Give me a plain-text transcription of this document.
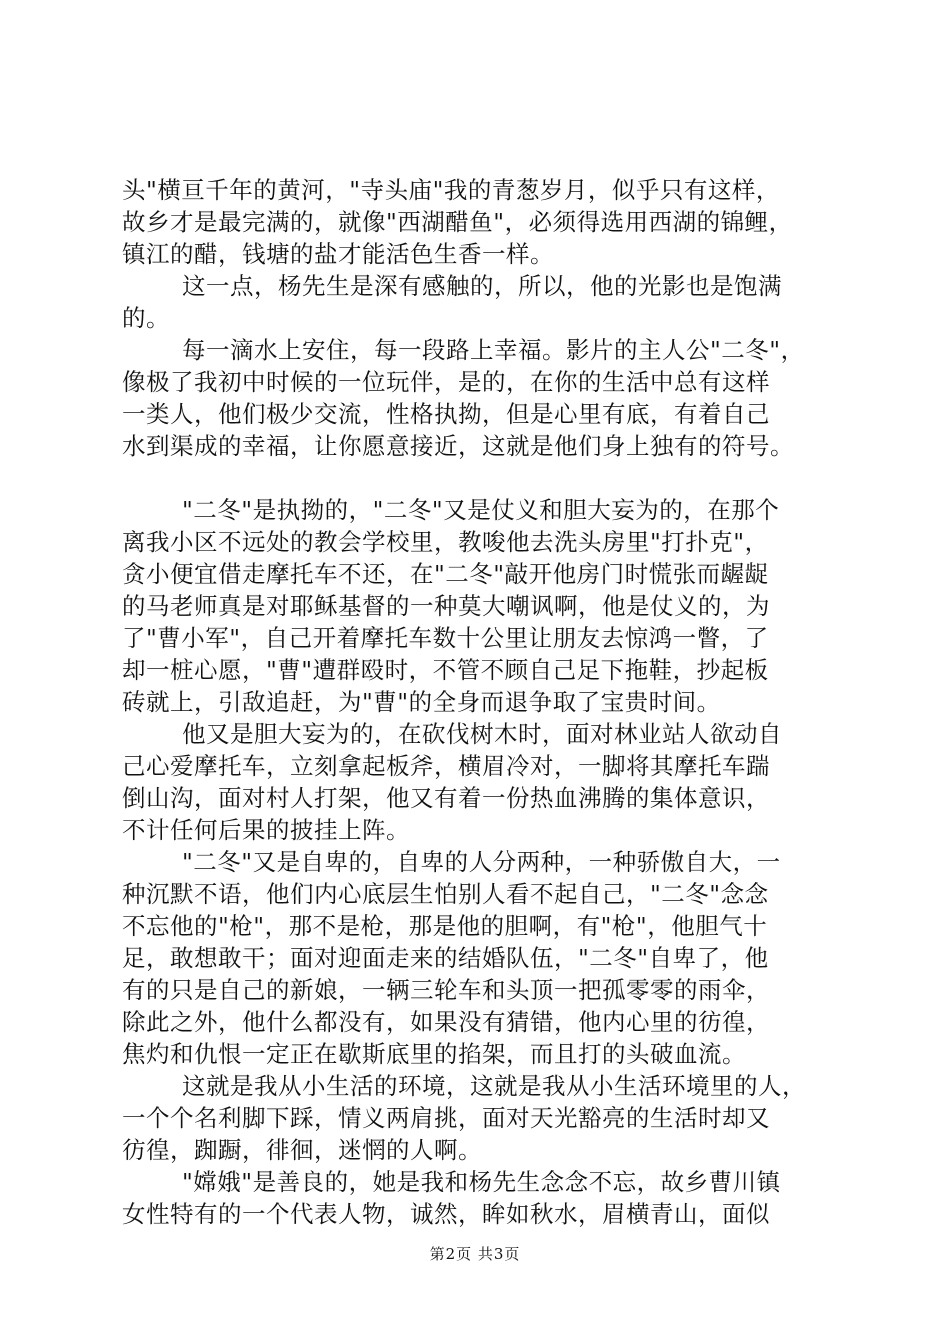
头"横亘千年的黄河，"寺头庙"我的青葱岁月，似乎只有这样，
故乡才是最完满的，就像"西湖醋鱼"，必须得选用西湖的锦鲤，
镇江的醋，钱塘的盐才能活色生香一样。
这一点，杨先生是深有感触的，所以，他的光影也是饱满
的。
每一滴水上安住，每一段路上幸福。影片的主人公"二冬"，
像极了我初中时候的一位玩伴，是的，在你的生活中总有这样
一类人，他们极少交流，性格执拗，但是心里有底，有着自己
水到渠成的幸福，让你愿意接近，这就是他们身上独有的符号。
"二冬"是执拗的，"二冬"又是仗义和胆大妄为的，在那个
离我小区不远处的教会学校里，教唆他去洗头房里"打扑克"，
贪小便宜借走摩托车不还，在"二冬"敲开他房门时慌张而龌龊
的马老师真是对耶稣基督的一种莫大嘲讽啊，他是仗义的，为
了"曹小军"，自己开着摩托车数十公里让朋友去惊鸿一瞥，了
却一桩心愿，"曹"遭群殴时，不管不顾自己足下拖鞋，抄起板
砖就上，引敌追赶，为"曹"的全身而退争取了宝贵时间。
他又是胆大妄为的，在砍伐树木时，面对林业站人欲动自
己心爱摩托车，立刻拿起板斧，横眉冷对，一脚将其摩托车踹
倒山沟，面对村人打架，他又有着一份热血沸腾的集体意识，
不计任何后果的披挂上阵。
"二冬"又是自卑的，自卑的人分两种，一种骄傲自大，一
种沉默不语，他们内心底层生怕别人看不起自己，"二冬"念念
不忘他的"枪"，那不是枪，那是他的胆啊，有"枪"，他胆气十
足，敢想敢干；面对迎面走来的结婚队伍，"二冬"自卑了，他
有的只是自己的新娘，一辆三轮车和头顶一把孤零零的雨伞，
除此之外，他什么都没有，如果没有猜错，他内心里的彷徨，
焦灼和仇恨一定正在歇斯底里的掐架，而且打的头破血流。
这就是我从小生活的环境，这就是我从小生活环境里的人，
一个个名利脚下踩，情义两肩挑，面对天光豁亮的生活时却又
彷徨，踟蹰，徘徊，迷惘的人啊。
"嫦娥"是善良的，她是我和杨先生念念不忘，故乡曹川镇
女性特有的一个代表人物，诚然，眸如秋水，眉横青山，面似
第2页 共3页
